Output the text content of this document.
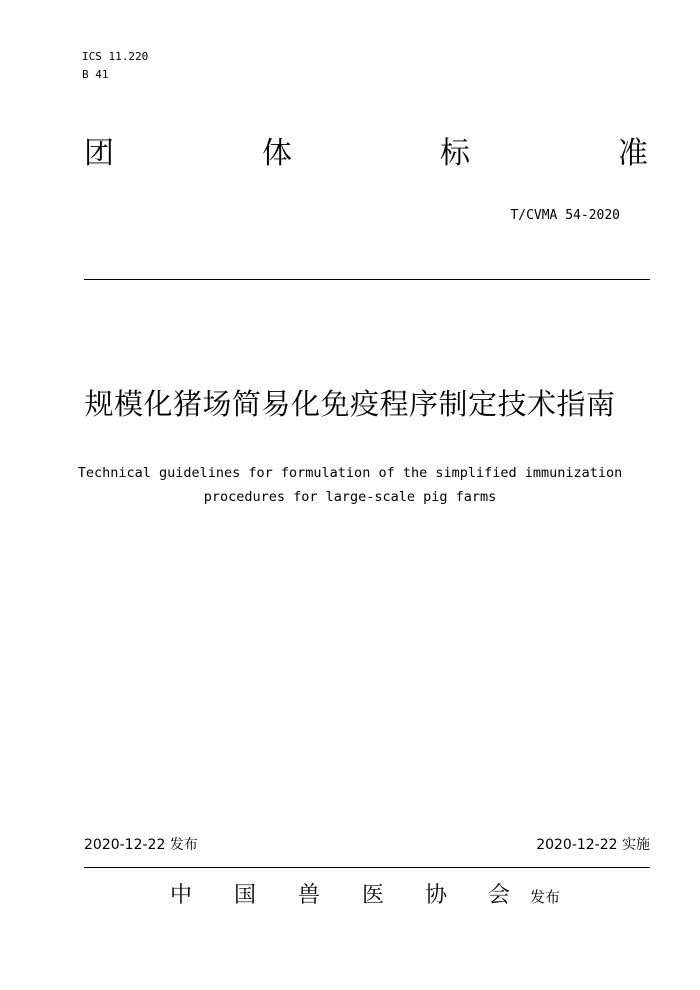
ICS 11.220
B 41
团	体	标	准
T/CVMA 54-2020
规模化猪场简易化免疫程序制定技术指南
Technical guidelines for formulation of the simplified immunization
procedures for large-scale pig farms
2020-12-22 发布	2020-12-22 实施
中 国 兽 医 协 会 发布
